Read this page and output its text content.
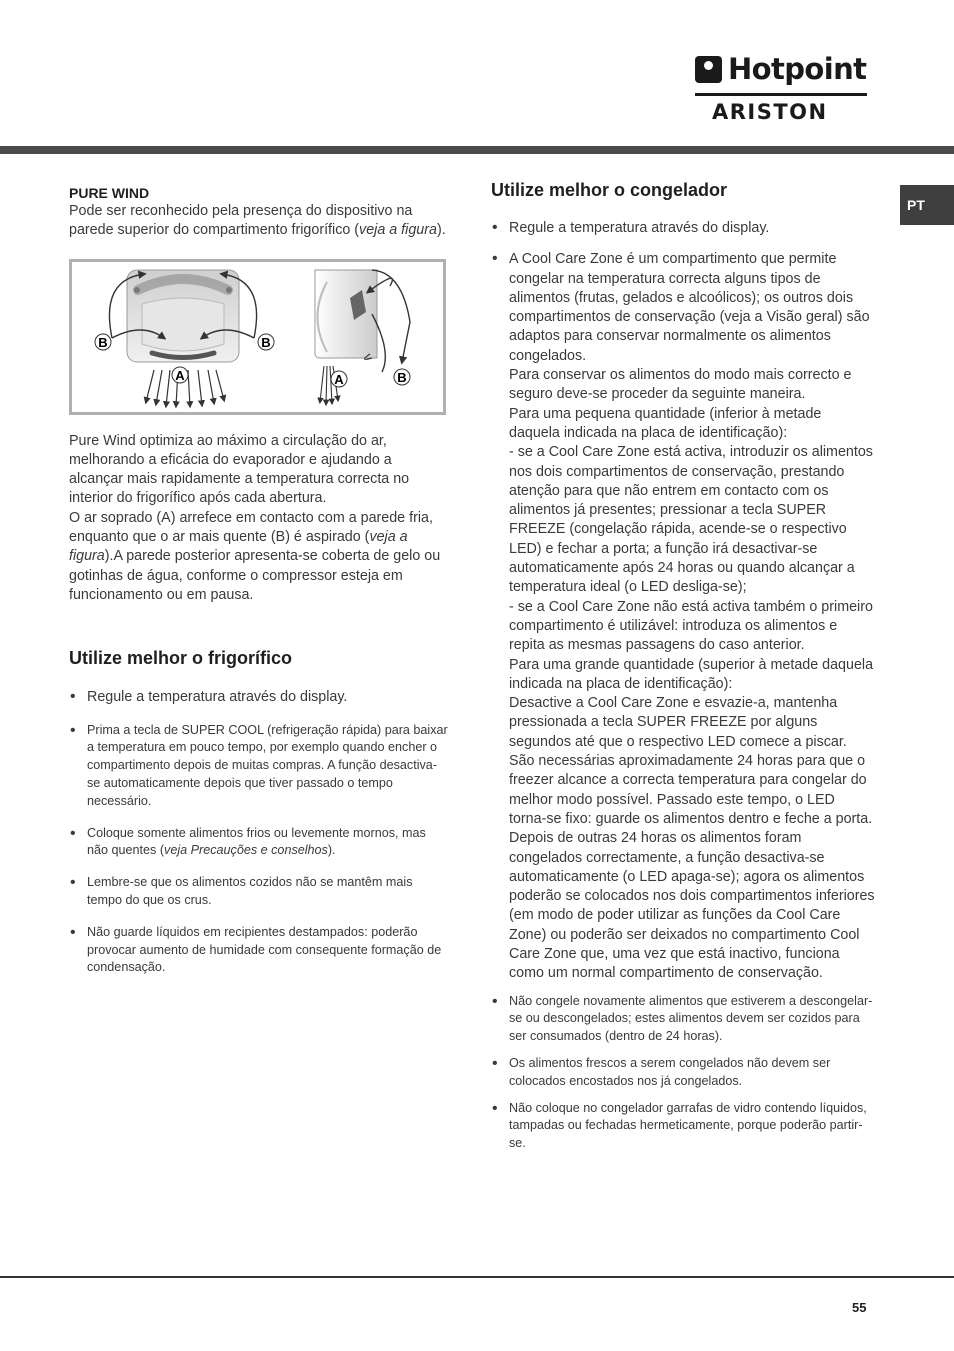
Hotpoint
ARISTON
PT
PURE WIND

Pode ser reconhecido pela presença do dispositivo na parede superior do compartimento frigorífico (veja a figura).

B	B
A	A	B

Pure Wind optimiza ao máximo a circulação do ar, melhorando a eficácia do evaporador e ajudando a alcançar mais rapidamente a temperatura correcta no interior do frigorífico após cada abertura.

O ar soprado (A) arrefece em contacto com a parede fria, enquanto que o ar mais quente (B) é aspirado (veja a figura).A parede posterior apresenta-se coberta de gelo ou gotinhas de água, conforme o compressor esteja em funcionamento ou em pausa.

Utilize melhor o frigorífico

• Regule a temperatura através do display.

• Prima a tecla de SUPER COOL (refrigeração rápida) para baixar a temperatura em pouco tempo, por exemplo quando encher o compartimento depois de muitas compras. A função desactiva-se automaticamente depois que tiver passado o tempo necessário.

• Coloque somente alimentos frios ou levemente mornos, mas não quentes (veja Precauções e conselhos).

• Lembre-se que os alimentos cozidos não se mantêm mais tempo do que os crus.

• Não guarde líquidos em recipientes destampados: poderão provocar aumento de humidade com consequente formação de condensação.

Utilize melhor o congelador

• Regule a temperatura através do display.

• A Cool Care Zone é um compartimento que permite congelar na temperatura correcta alguns tipos de alimentos (frutas, gelados e alcoólicos); os outros dois compartimentos de conservação (veja a Visão geral) são adaptos para conservar normalmente os alimentos congelados.

Para conservar os alimentos do modo mais correcto e seguro deve-se proceder da seguinte maneira.

Para uma pequena quantidade (inferior à metade daquela indicada na placa de identificação):

- se a Cool Care Zone está activa, introduzir os alimentos nos dois compartimentos de conservação, prestando atenção para que não entrem em contacto com os alimentos já presentes; pressionar a tecla SUPER FREEZE (congelação rápida, acende-se o respectivo LED) e fechar a porta; a função irá desactivar-se automaticamente após 24 horas ou quando alcançar a temperatura ideal (o LED desliga-se);

- se a Cool Care Zone não está activa também o primeiro compartimento é utilizável: introduza os alimentos e repita as mesmas passagens do caso anterior.

Para uma grande quantidade (superior à metade daquela indicada na placa de identificação):

Desactive a Cool Care Zone e esvazie-a, mantenha pressionada a tecla SUPER FREEZE por alguns segundos até que o respectivo LED comece a piscar. São necessárias aproximadamente 24 horas para que o freezer alcance a correcta temperatura para congelar do melhor modo possível. Passado este tempo, o LED torna-se fixo: guarde os alimentos dentro e feche a porta. Depois de outras 24 horas os alimentos foram congelados correctamente, a função desactiva-se automaticamente (o LED apaga-se); agora os alimentos poderão se colocados nos dois compartimentos inferiores (em modo de poder utilizar as funções da Cool Care Zone) ou poderão ser deixados no compartimento Cool Care Zone que, uma vez que está inactivo, funciona como um normal compartimento de conservação.

• Não congele novamente alimentos que estiverem a descongelar-se ou descongelados; estes alimentos devem ser cozidos para ser consumados (dentro de 24 horas).

• Os alimentos frescos a serem congelados não devem ser colocados encostados nos já congelados.

• Não coloque no congelador garrafas de vidro contendo líquidos, tampadas ou fechadas hermeticamente, porque poderão partir-se.

55
